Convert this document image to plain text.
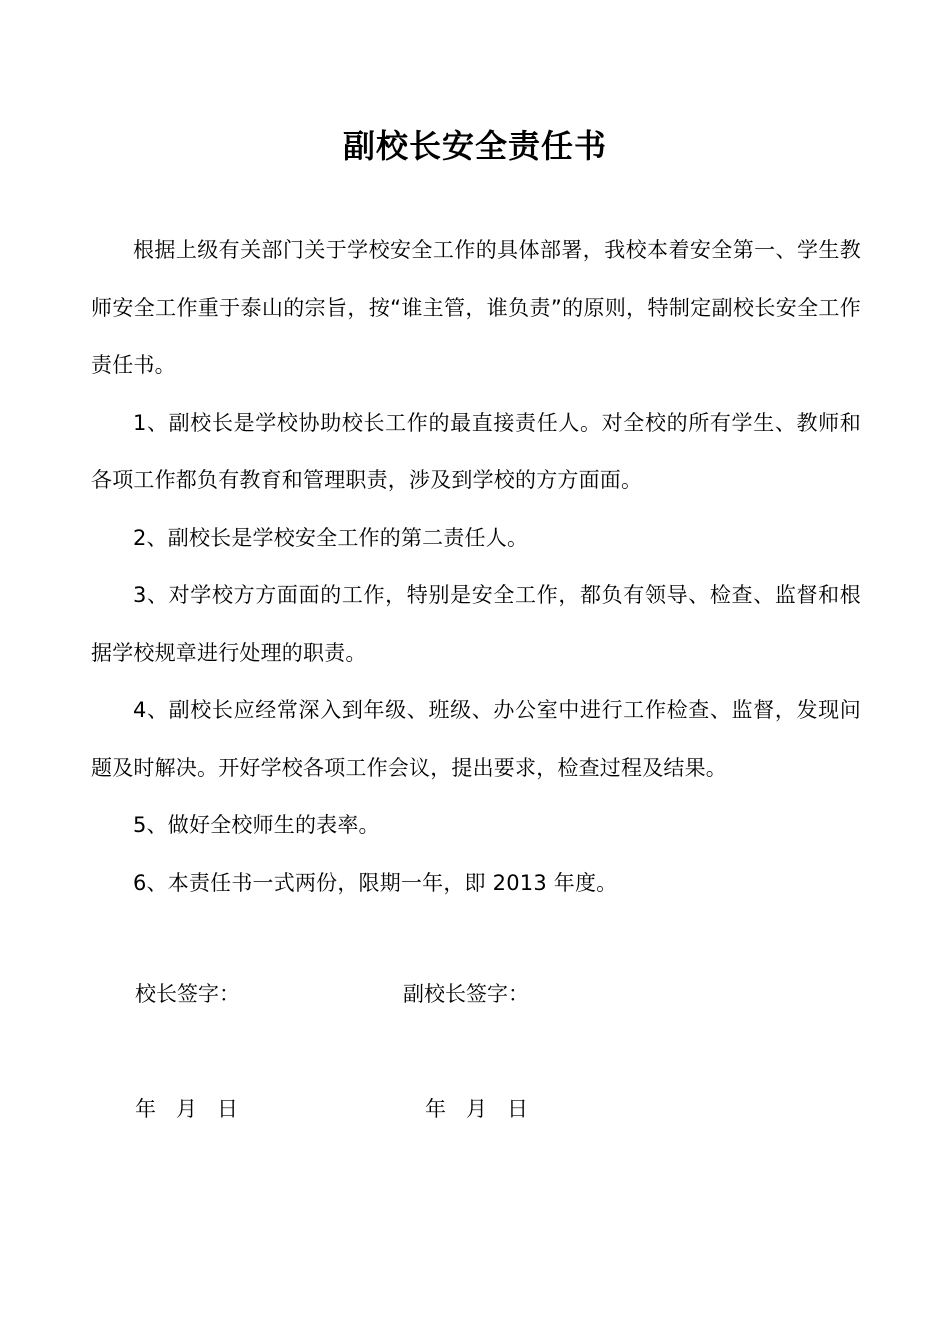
副校长安全责任书

根据上级有关部门关于学校安全工作的具体部署，我校本着安全第一、学生教师安全工作重于泰山的宗旨，按“谁主管，谁负责”的原则，特制定副校长安全工作责任书。

1、副校长是学校协助校长工作的最直接责任人。对全校的所有学生、教师和各项工作都负有教育和管理职责，涉及到学校的方方面面。

2、副校长是学校安全工作的第二责任人。

3、对学校方方面面的工作，特别是安全工作，都负有领导、检查、监督和根据学校规章进行处理的职责。

4、副校长应经常深入到年级、班级、办公室中进行工作检查、监督，发现问题及时解决。开好学校各项工作会议，提出要求，检查过程及结果。

5、做好全校师生的表率。

6、本责任书一式两份，限期一年，即 2013 年度。

校长签字：	副校长签字：
年   月   日	年   月   日
